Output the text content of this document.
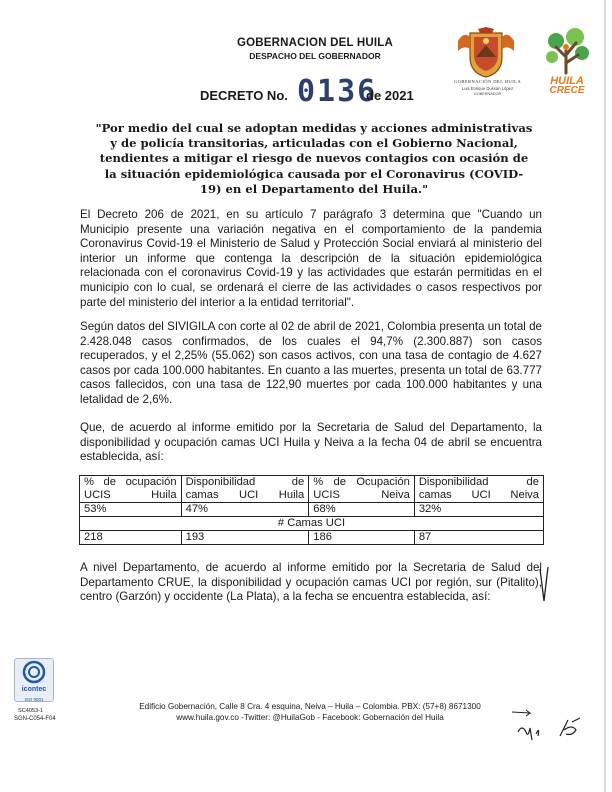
GOBERNACION DEL HUILA
DESPACHO DEL GOBERNADOR
DECRETO No. 0136
de 2021
GOBERNACIÓN DEL HUILA
Luis Enrique Dussán López
GOBERNADOR
HUILA
CRECE
"Por medio del cual se adoptan medidas y acciones administrativas y de policía transitorias, articuladas con el Gobierno Nacional, tendientes a mitigar el riesgo de nuevos contagios con ocasión de la situación epidemiológica causada por el Coronavirus (COVID-19) en el Departamento del Huila."
El Decreto 206 de 2021, en su artículo 7 parágrafo 3 determina que "Cuando un Municipio presente una variación negativa en el comportamiento de la pandemia Coronavirus Covid-19 el Ministerio de Salud y Protección Social enviará al ministerio del interior un informe que contenga la descripción de la situación epidemiológica relacionada con el coronavirus Covid-19 y las actividades que estarán permitidas en el municipio con lo cual, se ordenará el cierre de las actividades o casos respectivos por parte del ministerio del interior a la entidad territorial".
Según datos del SIVIGILA con corte al 02 de abril de 2021, Colombia presenta un total de 2.428.048 casos confirmados, de los cuales el 94,7% (2.300.887) son casos recuperados, y el 2,25% (55.062) son casos activos, con una tasa de contagio de 4.627 casos por cada 100.000 habitantes. En cuanto a las muertes, presenta un total de 63.777 casos fallecidos, con una tasa de 122,90 muertes por cada 100.000 habitantes y una letalidad de 2,6%.
Que, de acuerdo al informe emitido por la Secretaria de Salud del Departamento, la disponibilidad y ocupación camas UCI Huila y Neiva a la fecha 04 de abril se encuentra establecida, así:
% de ocupación UCIS Huila	Disponibilidad de camas UCI Huila	% de Ocupación UCIS Neiva	Disponibilidad de camas UCI Neiva
53%	47%	68%	32%
# Camas UCI			
218	193	186	87
A nivel Departamento, de acuerdo al informe emitido por la Secretaria de Salud del Departamento CRUE, la disponibilidad y ocupación camas UCI por región, sur (Pitalito), centro (Garzón) y occidente (La Plata), a la fecha se encuentra establecida, así:
icontec
ISO 9001
SC4053-1
SGN-C054-F04
Edificio Gobernación, Calle 8 Cra. 4 esquina, Neiva – Huila – Colombia. PBX: (57+8) 8671300
www.huila.gov.co -Twitter: @HuilaGob - Facebook: Gobernación del Huila
